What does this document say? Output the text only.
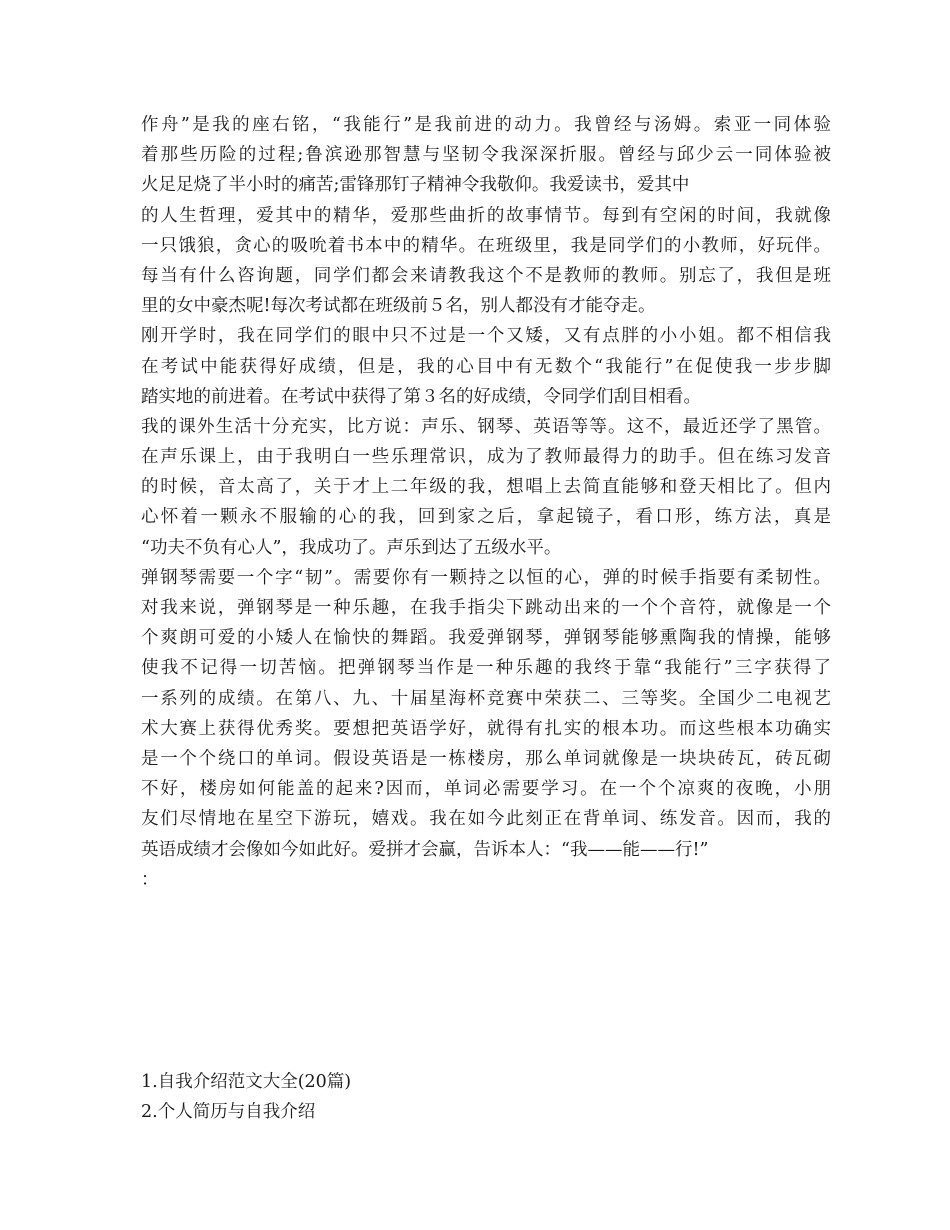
作舟”是我的座右铭，“我能行”是我前进的动力。我曾经与汤姆。索亚一同体验
着那些历险的过程;鲁滨逊那智慧与坚韧令我深深折服。曾经与邱少云一同体验被
火足足烧了半小时的痛苦;雷锋那钉子精神令我敬仰。我爱读书，爱其中
的人生哲理，爱其中的精华，爱那些曲折的故事情节。每到有空闲的时间，我就像
一只饿狼，贪心的吸吮着书本中的精华。在班级里，我是同学们的小教师，好玩伴。
每当有什么咨询题，同学们都会来请教我这个不是教师的教师。别忘了，我但是班
里的女中豪杰呢!每次考试都在班级前５名，别人都没有才能夺走。
刚开学时，我在同学们的眼中只不过是一个又矮，又有点胖的小小姐。都不相信我
在考试中能获得好成绩，但是，我的心目中有无数个“我能行”在促使我一步步脚
踏实地的前进着。在考试中获得了第３名的好成绩，令同学们刮目相看。
我的课外生活十分充实，比方说：声乐、钢琴、英语等等。这不，最近还学了黑管。
在声乐课上，由于我明白一些乐理常识，成为了教师最得力的助手。但在练习发音
的时候，音太高了，关于才上二年级的我，想唱上去简直能够和登天相比了。但内
心怀着一颗永不服输的心的我，回到家之后，拿起镜子，看口形，练方法，真是
“功夫不负有心人”，我成功了。声乐到达了五级水平。
弹钢琴需要一个字“韧”。需要你有一颗持之以恒的心，弹的时候手指要有柔韧性。
对我来说，弹钢琴是一种乐趣，在我手指尖下跳动出来的一个个音符，就像是一个
个爽朗可爱的小矮人在愉快的舞蹈。我爱弹钢琴，弹钢琴能够熏陶我的情操，能够
使我不记得一切苦恼。把弹钢琴当作是一种乐趣的我终于靠“我能行”三字获得了
一系列的成绩。在第八、九、十届星海杯竞赛中荣获二、三等奖。全国少二电视艺
术大赛上获得优秀奖。要想把英语学好，就得有扎实的根本功。而这些根本功确实
是一个个绕口的单词。假设英语是一栋楼房，那么单词就像是一块块砖瓦，砖瓦砌
不好，楼房如何能盖的起来?因而，单词必需要学习。在一个个凉爽的夜晚，小朋
友们尽情地在星空下游玩，嬉戏。我在如今此刻正在背单词、练发音。因而，我的
英语成绩才会像如今如此好。爱拼才会赢，告诉本人：“我——能——行!”
：
1.自我介绍范文大全(20篇)
2.个人简历与自我介绍
